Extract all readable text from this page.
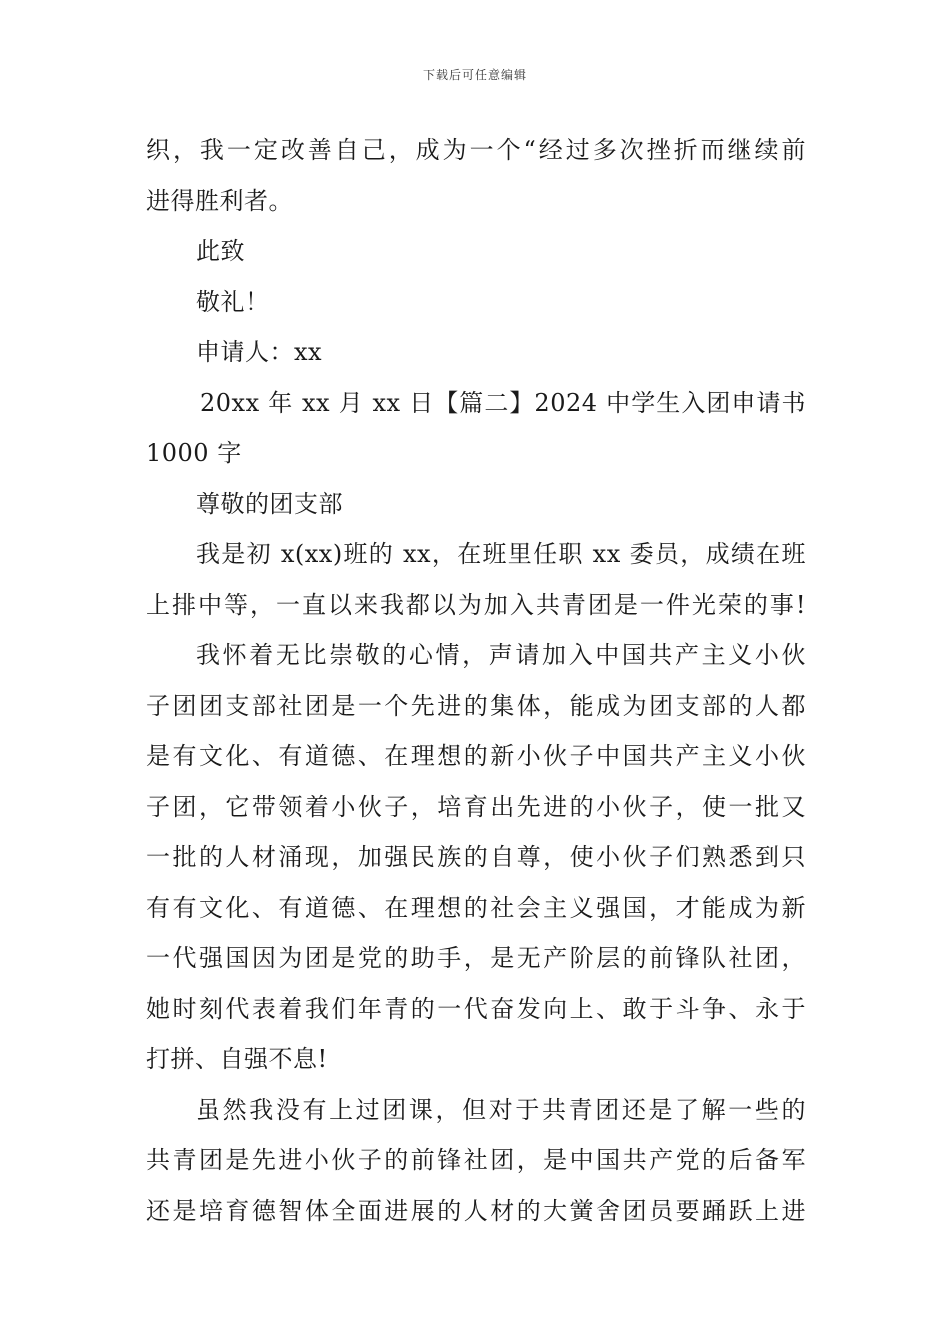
下载后可任意编辑
织，我一定改善自己，成为一个“经过多次挫折而继续前
进得胜利者。
此致
敬礼！
申请人：xx
20xx 年 xx 月 xx 日【篇二】2024 中学生入团申请书
1000 字
尊敬的团支部
我是初 x(xx)班的 xx，在班里任职 xx 委员，成绩在班
上排中等，一直以来我都以为加入共青团是一件光荣的事!
我怀着无比崇敬的心情，声请加入中国共产主义小伙
子团团支部社团是一个先进的集体，能成为团支部的人都
是有文化、有道德、在理想的新小伙子中国共产主义小伙
子团，它带领着小伙子，培育出先进的小伙子，使一批又
一批的人材涌现，加强民族的自尊，使小伙子们熟悉到只
有有文化、有道德、在理想的社会主义强国，才能成为新
一代强国因为团是党的助手，是无产阶层的前锋队社团，
她时刻代表着我们年青的一代奋发向上、敢于斗争、永于
打拼、自强不息!
虽然我没有上过团课，但对于共青团还是了解一些的
共青团是先进小伙子的前锋社团，是中国共产党的后备军
还是培育德智体全面进展的人材的大黉舍团员要踊跃上进
